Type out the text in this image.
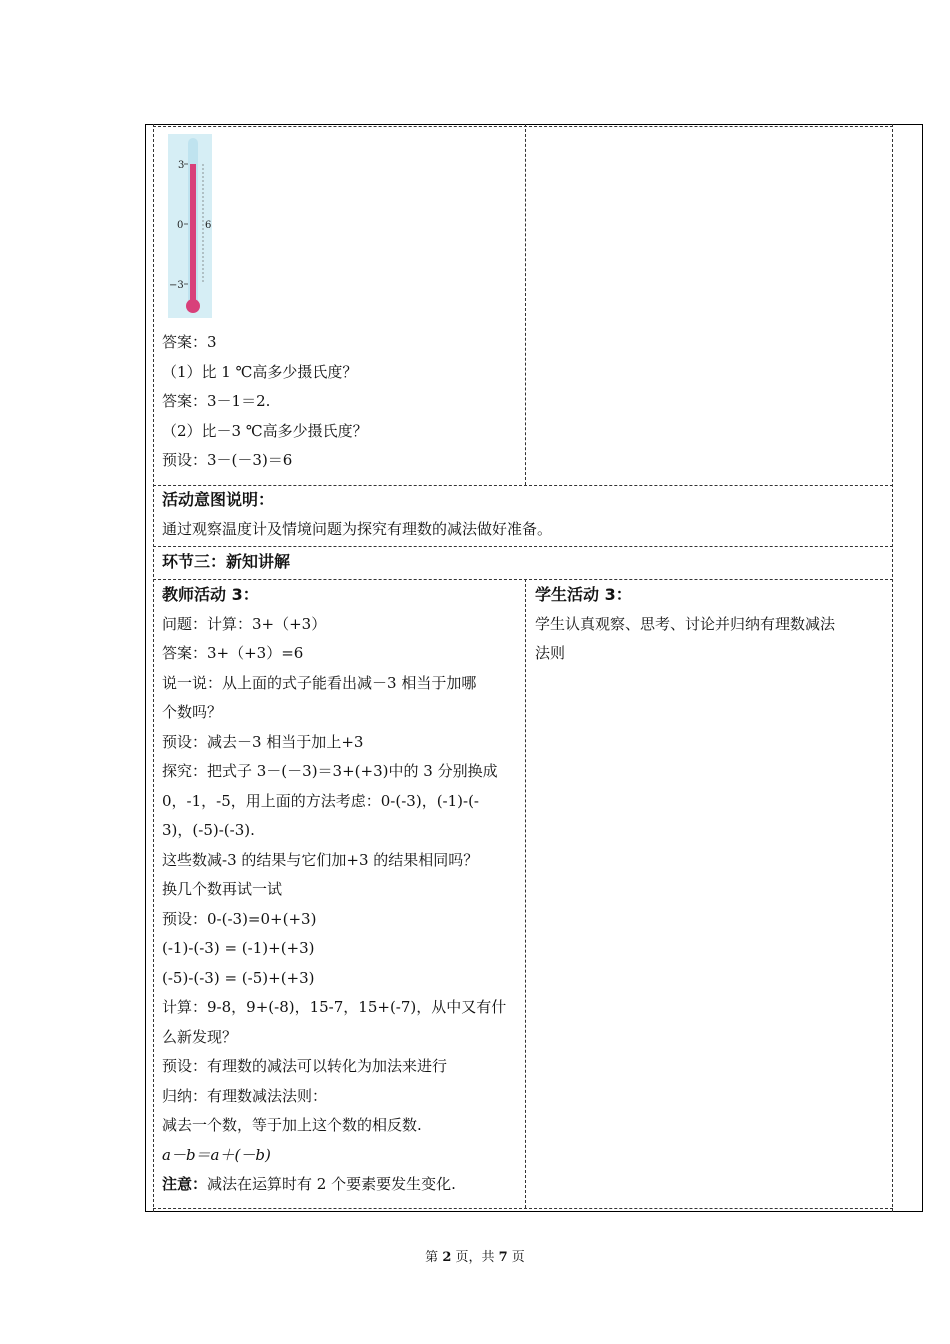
3
0
−3
6

答案：3

（1）比 1 ℃高多少摄氏度？

答案：3－1＝2.

（2）比－3 ℃高多少摄氏度？

预设：3－(－3)＝6

活动意图说明：

通过观察温度计及情境问题为探究有理数的减法做好准备。

环节三：新知讲解

教师活动 3：

问题：计算：3+（+3）

答案：3+（+3）=6

说一说：从上面的式子能看出减－3 相当于加哪

个数吗？

预设：减去－3 相当于加上+3

探究：把式子 3－(－3)＝3+(+3)中的 3 分别换成

0，-1，-5，用上面的方法考虑：0-(-3)，(-1)-(-

3)，(-5)-(-3).

这些数减-3 的结果与它们加+3 的结果相同吗？

换几个数再试一试

预设：0-(-3)=0+(+3)

(-1)-(-3) = (-1)+(+3)

(-5)-(-3) = (-5)+(+3)

计算：9-8，9+(-8)，15-7，15+(-7)，从中又有什

么新发现？

预设：有理数的减法可以转化为加法来进行

归纳：有理数减法法则：

减去一个数，等于加上这个数的相反数.

a－b＝a＋(－b)

注意：减法在运算时有 2 个要素要发生变化.

学生活动 3：

学生认真观察、思考、讨论并归纳有理数减法

法则

第 2 页，共 7 页
